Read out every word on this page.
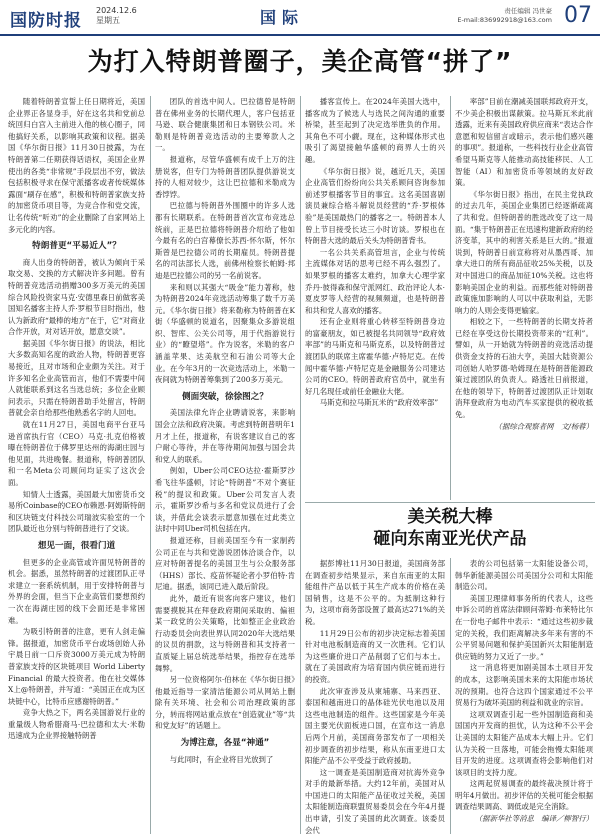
国防时报
2024.12.6
星期五	国际	责任编辑 冯世豪
E-mail:836992918@163.com 07
为打入特朗普圈子，美企高管“拼了”

随着特朗普宣誓上任日期将近，美国企业界正各显身手，好在这名共和党前总统回归白宫入主前进入他的核心圈子，同他搞好关系，以影响其政策和议程。据美国《华尔街日报》11月30日披露，为在特朗普第二任期获得话语权，美国企业界使出的各类“非常规”手段层出不穷，做法包括积极寻求在保守派播客或者传统媒体露面“刷存在感”，积极和特朗普家族支持的加密货币项目等，为竞合作和党交流，让名传统“听劝”的企业删除了自家网站上多元化的内容。

特朗普更“平易近人”？

商人出身的特朗普，被认为倾向于采取交易、交换的方式解决许多问题。曾有特朗普竞选活动捐赠300多万美元的美国综合风险投资家马克·安德里森日前做客美国知名播客主持人乔·罗根节目时指出，他认为新政府“最棒的地方”在于，它“对商业合作开放，对对话开放，愿意交谈”。

据美国《华尔街日报》的说法，相比大多数高知名度的政治人物，特朗普更容易接近，且对市场和企业颇为关注。对于许多知名企业高管而言，他们不需要中间人就能联系到这名当选总统；多位企业顾问表示，只需在特朗普助手处留言，特朗普就会亲自给那些他熟悉名字的人回电。

就在11月27日，美国电商平台亚马逊首席执行官（CEO）马克·扎克伯格被曝在特朗普位于佛罗里达州的海湖庄园与他见面，共进晚餐。报道称，特朗普团队和一名Meta公司顾问均证实了这次会面。

知情人士透露，美国最大加密货币交易所Coinbase的CEO布赖恩·阿姆斯特朗和区块链支付科技公司瑞波实验室的一个团队最近也分别与特朗普进行了交谈。

想见一面，很看门道

但更多的企业高管或许面见特朗普的机会。据悉，虽然特朗普的过渡团队正寻求建立一套系统机制，用于安排特朗普与外界的会面，但当下企业高管们要想预约一次在海湖庄园的线下会面还是非常困难。

为吸引特朗普的注意，更有人剑走偏锋。据报道，加密货币平台或场创始人孙宇晨日前一口斥资3000万美元成为特朗普家族支持的区块链项目 World Liberty Financial 的最大投资者。他在社交媒体X上@特朗普，并写道：“美国正在成为区块链中心，比特币应感谢特朗普。”

竞争大热之下，两名美国游说行业的重量级人物希腊裔马·巴拉德和太大·米勒迅速成为企业界接触特朗普

团队的首选中间人。巴拉德曾是特朗普在佛州业务的长期代理人，客户包括亚马逊、联合健康集团和日本钢铁公司。米勒则是特朗普竞选活动的主要筹款人之一。

报道称，尽管华盛顿有成千上万的注册说客，但专门为特朗普团队提供游说支持的人相对较少，这让巴拉德和米勒成为香饽饽。

巴拉德与特朗普外围圈中的许多人选都有长期联系。在特朗普首次宣布竞选总统前，正是巴拉德将特朗普介绍给了他如今最有名的白宫幕僚长苏西·怀尔斯，怀尔斯曾是巴拉德公司的长期雇员。特朗普提名的司法部长人选，前佛州检察长帕姆·邦迪是巴拉德公司的另一名前说客。

来和则以其强大“吸金”能力著称，他为特朗普2024年竞选活动筹集了数千万美元。《华尔街日报》将来勒称为特朗普在K街（华盛顿的说道名，因聚集众多游说组织、智库、公关公司等，用于代指游说行业）的“瞭望塔”。作为说客，米勒的客户涵盖苹果、达美航空和石油公司等大企业。在今年3月的一次竞选活动上，米勒一夜间就为特朗普筹集到了200多万美元。

侧面突破，徐徐图之？

美国法律允许企业聘请说客，来影响国会立法和政府决策。考虑到特朗普明年1月才上任，报道称，有说客建议自己的客户耐心等待，并在等待期间加强与国会共和党人的联系。

例如，Uber公司CEO达拉·霍斯罗沙希飞往华盛顿，讨论“特朗普”不对个赛征税”的提议和政策。Uber公司发言人表示，霍斯罗沙希与多名和党议员进行了会谈，并借此会谈表示愿意加强在过此类立法时中同Uber司机包括在内。

报道还称，目前美国至今有一家制药公司正在与共和党游说团体洽谈合作，以应对特朗普提名的美国卫生与公众服务部（HHS）部长、疫苗怀疑论者小罗伯特·肯尼迪。据悉，该同已进入最后阶段。

此外，最近有说客向客户建议，他们需要摸脱其在拜登政府期间采取的、偏袒某一政党的公关策略，比如整正企业政治行动委员会向表世界认同2020年大选结果的议员的捐款，这与特朗普和其支持者一直质疑上届总统选举结果，指控存在选举舞弊。

另一位资格阿尔·伯林在《华尔街日报》他最近指导一家清洁能源公司从网站上删除有关环境、社会和公司治理政策的部分，转而将网站重点放在“创造就业”等“共和党友好”的话题上。

为博注意，各显“神通”

与此同时，有企业将目光放到了

播客宣传上。在2024年美国大选中，播客成为了候选人与选民之间沟通的重要桥梁，甚至起到了决定选举胜负的作用。其角色不可小觑。现在，这种媒体形式也吸引了渴望接触华盛顿的商界人士的兴趣。

《华尔街日报》说，越近几天，美国企业高管们纷纷向公共关系顾问咨询参加前述罗根播客节目的事宜。这名美国喜剧演员兼综合格斗解说员经营的“乔·罗根体验”是美国最热门的播客之一。特朗普本人曾上节目接受长达三小时访谈。罗根也在特朗普大选的最后关头为特朗普背书。

一名公共关系高管坦言，企业与传统主流媒体对话的思考已经不再么强烈了。如果罗根的播客太难约，加拿大心理学家乔丹·彼得森和保守派网红、政治评论人本·夏皮罗等人经营的视频频道，也是特朗普和共和党人喜欢的播客。

还有企业则将重心转移至特朗普身边的富豪朋友，如已被提名共同领导“政府效率部”的马斯克和马斯克系，以及特朗普过渡团队的联席主席霍华德·卢特尼克。在传闻中霍华德·卢特尼克是金融服务公司建达公司的CEO。特朗普政府官员中，就坐有好几名现任或前任金融业大佬。

马斯克和拉马斯瓦米的“政府效率部”

率部”目前在潮减美国联邦政府开支，不少美企积极出谋献策。拉马斯瓦米此前透露，近来有美国政府供应商来“表达合作意愿和短信留言或暗示，表示他们感兴趣的事项”。报道称，一些科技行业企业高管希望马斯克等人能推动高技能移民、人工智能（AI）和加密货币等领域的友好政策。

《华尔街日报》指出，在民主党执政的过去几年，美国企业集团已经逐渐疏离了共和党。但特朗普的胜选改变了这一局面。“集于特朗普正在迅速构建新政府的经济变革，其中的利害关系是巨大的。”报道说到，特朗普日前宣称将对从墨西哥、加拿大进口的所有商品征收25%关税，以及对中国进口的商品加征10%关税。这也将影响美国企业的利益。而那些能对特朗普政策施加影响的人可以中获取利益，无影响力的人则会变得更输家。

相较之下，一些特朗普的长期支持者已经在享受这份长期投资带来的“红利”。譬如，从一开始就为特朗普的竞选活动提供资金支持的石油大亨，美国大陆资源公司创始人哈罗德·哈姆现在是特朗普能源政策过渡团队的负责人。路透社日前报道，在他的领导下，特朗普过渡团队正计划取消拜登政府为电动汽车买家提供的税收抵免。

（据综合观察者网　文/杨蓉）

美关税大棒
砸向东南亚光伏产品

据彭博社11月30日报道，美国商务部在调查初步结果显示，来自东南亚的太阳能组件产品以低于其生产成本的价格在美国销售，这是不公平的。为抵制这种行为，这项市商务部设置了最高达271%的关税。

11月29日公布的初步决定标志着美国针对电池板制造商的又一次胜利。它们认为这些廉价进口产品削弱了它们与本土。就在了美国政府为培育国内供应链而进行的投资。

此次审查涉及从柬埔寨、马来西亚、泰国和越南进口的晶体硅光伏电池以及用这些电池制造的组件。这些国家是今年美国主要光伏面板进口国，在宣布这一消息后两个月前，美国商务部发布了一项相关初步调查的初步结果，称从东南亚进口太阳能产品不公平受益于政府援助。

这一调查是美国制造商对抗海外竞争对手的最新举措。大约12年前，美国对从中国进口的太阳能产品征收过关税，美国太阳能制造商联盟贸易委员会在今年4月提出申请，引发了美国的此次调查。该委员会代

表的公司包括第一太阳能设备公司，韩华新能源美国公司美国分公司和太阳能制造公司。

美国卫理律师事务所的代表人，这些申诉公司的首席法律顾问蒂姆·布莱特比尔在一份电子邮件中表示：“通过这些初步裁定的关税，我们距离解决多年来有害的不公平贸易问题和保护美国新兴太阳能制造供应链的努力又近了一步。”

这一消息将更加剧美国本土项目开发的成本，这影响美国未来的太阳能市场状况的预期。也符合这四个国家通过不公平贸易行为破坏美国的利益和就业的宗旨。

这项双调查引起一些外国制造商和美国国内开发商的担忧，认为这种不公平会让美国的太阳能产品成本大幅上升。它们认为关税一旦落地，可能会拖慢太阳能项目开发的进度。这项调查将会影响他们对该项目的支持力度。

这两起贸易调查的最终裁决预计将于明年4月做出。初步评估的关税可能会根据调查结果调高、调低或是完全消除。

（据新华社等消息　编译／柳智行）
